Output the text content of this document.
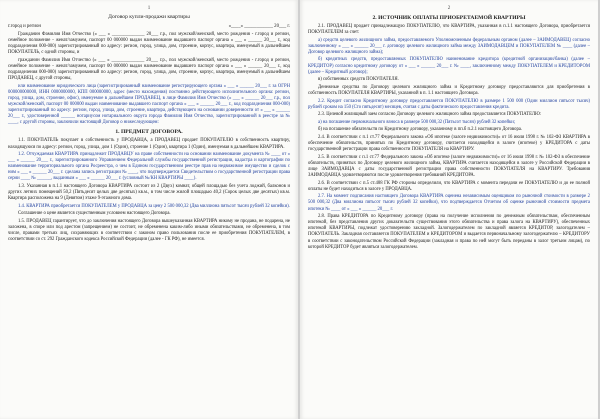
1
Договор купли-продажи квартиры
г.город и регион	«____» ____________ 20___ г.

Гражданин Фамилия Имя Отчество (« ___ » ______________ 20___ г.р., пол мужской/женский, место рождения - г.город и регион, семейное положение - женат/замужем, паспорт 00 000000 выдан наименование выдавшего паспорт органа « ___ » ______ 20___ г., код подразделения 000-000) зарегистрированный по адресу: регион, город, улица, дом, строение, корпус, квартира, именуемый в дальнейшем ПОКУПАТЕЛЬ, с одной стороны, и

гражданин Фамилия Имя Отчество (« ___ » ______________ 20___ г.р., пол мужской/женский, место рождения - г.город и регион, семейное положение - женат/замужем, паспорт 00 000000 выдан наименование выдавшего паспорт органа « ___ » ______ 20___ г., код подразделения 000-000) зарегистрированный по адресу: регион, город, улица, дом, строение, корпус, квартира, именуемый в дальнейшем ПРОДАВЕЦ, с другой стороны,

или наименование юридического лица (зарегистрированный наименование регистрирующего органа « ___ » ______ 20___ г. за ОГРН 000000000000, ИНН 0000000000, КПП 000000000, адрес (место нахождения) постоянно действующего исполнительного органа: регион, город, улица, дом, строение, офис), именуемое в дальнейшем ПРОДАВЕЦ, в лице Фамилия Имя Отчество (« ___ » ______ 20___ г.р., пол мужской/женский, паспорт 00 000000 выдан наименование выдавшего паспорт органа « ___ » ______ 20___ г., код подразделения 000-000) зарегистрированный по адресу: регион, город, улица, дом, строение, квартира, действующего на основании доверенности от « ___ » ______ 20___ г., удостоверенной ______ нотариусом нотариального округа города Фамилия Имя Отчество, зарегистрированной в реестре за № ____, с другой стороны, заключили настоящий Договор о нижеследующем:

1. ПРЕДМЕТ ДОГОВОРА.

1.1. ПОКУПАТЕЛЬ покупает в собственность у ПРОДАВЦА, а ПРОДАВЕЦ продает ПОКУПАТЕЛЮ в собственность квартиру, находящуюся по адресу: регион, город, улица, дом 1 (Один), строение 1 (Один), квартира 1 (Один), именуемая в дальнейшем КВАРТИРА.

1.2. Отчуждаемая КВАРТИРА принадлежит ПРОДАВЦУ на праве собственности на основании наименование документа № ____ от « ___ » ______ 20___ г., зарегистрированного Управлением Федеральной службы государственной регистрации, кадастра и картографии по наименование территориального органа Росреестра, о чем в Едином государственном реестре прав на недвижимое имущество и сделок с ним « ___ » ______ 20___ г. сделана запись регистрации № ____, что подтверждается Свидетельством о государственной регистрации права серии ____ № ______, выданным « ___ » ______ 20___ г. (условный №/КН КВАРТИРЫ ____).

1.3. Указанная в п.1.1 настоящего Договора КВАРТИРА состоит из 2 (Двух) комнат, общей площадью без учета лоджий, балконов и других летних помещений 50,2 (Пятьдесят целых две десятых) кв.м., в том числе жилой площадью 40,2 (Сорок целых две десятых) кв.м. Квартира расположена на 9 (Девятом) этаже 9-этажного дома.

1.4. КВАРТИРА приобретается ПОКУПАТЕЛЕМ у ПРОДАВЦА за цену 2 500 000,32 (Два миллиона пятьсот тысяч рублей 32 копейки).

Соглашение о цене является существенным условием настоящего Договора.

1.5. ПРОДАВЕЦ гарантирует, что до заключения настоящего Договора вышеуказанная КВАРТИРА никому не продана, не подарена, не заложена, в споре или под арестом (запрещением) не состоит, не обременена каким-либо иными обязательствами, не обременена, в том числе, правами третьих лиц, сохраняющих в соответствии с законом право пользования после ее приобретения ПОКУПАТЕЛЕМ, в соответствии со ст. 292 Гражданского кодекса Российской Федерации (далее - ГК РФ), не имеется.

2
2. ИСТОЧНИК ОПЛАТЫ ПРИОБРЕТАЕМОЙ КВАРТИРЫ

2.1. ПРОДАВЕЦ продает принадлежащую ПОКУПАТЕЛЮ, что КВАРТИРА, указанная в п.1.1 настоящего Договора, приобретается ПОКУПАТЕЛЕМ за счет:

а) средств целевого жилищного займа, предоставляемого Уполномоченным федеральным органом (далее – ЗАИМОДАВЕЦ) согласно заключенному « ___ » ______ 20___ г. договору целевого жилищного займа между ЗАИМОДАВЦЕМ и ПОКУПАТЕЛЕМ № ____ (далее – Договор целевого жилищного займа);

б) кредитных средств, предоставляемых ПОКУПАТЕЛЮ наименование кредитора (кредитной организации/банка) (далее – КРЕДИТОР) согласно кредитному договору от « ___ » ______ 20___ г. № ____, заключенному между ПОКУПАТЕЛЕМ и КРЕДИТОРОМ (далее – Кредитный договор);

в) собственных средств ПОКУПАТЕЛЯ.

Денежные средства по Договору целевого жилищного займа и Кредитному договору предоставляются для приобретения в собственность ПОКУПАТЕЛЯ КВАРТИРЫ, указанной в п. 1.1 настоящего Договора.

2.2. Кредит согласно Кредитному договору предоставляется ПОКУПАТЕЛЮ в размере 1 500 000 (Один миллион пятьсот тысяч) рублей сроком на 150 (Сто пятьдесят) месяцев, считая с даты фактического предоставления кредита.

2.3. Целевой жилищный заем согласно Договору целевого жилищного займа предоставляется ПОКУПАТЕЛЮ:

а) на погашение первоначального взноса в размере 500 000,32 (Пятьсот тысяч) рублей 32 копейки;

б) на погашение обязательств по Кредитному договору, указанному в пп.б п.2.1 настоящего Договора.

2.4. В соответствии с п.1 ст.77 Федерального закона «Об ипотеке (залоге недвижимости)» от 16 июля 1998 г. № 102-ФЗ КВАРТИРА в обеспечение обязательств, принятых по Кредитному договору, считается находящейся в залоге (ипотеке) у КРЕДИТОРА с даты государственной регистрации права собственности ПОКУПАТЕЛЯ на КВАРТИРУ.

2.5. В соответствии с п.1 ст.77 Федерального закона «Об ипотеке (залоге недвижимости)» от 16 июля 1998 г. № 102-ФЗ в обеспечение обязательств, принятых по Договору целевого жилищного займа, КВАРТИРА считается находящейся в залоге у Российской Федерации в лице ЗАИМОДАВЦА с даты государственной регистрации права собственности ПОКУПАТЕЛЯ на КВАРТИРУ. Требования ЗАИМОДАВЦА удовлетворяются после удовлетворения требований КРЕДИТОРА.

2.6. В соответствии с п.5 ст.488 ГК РФ стороны определили, что КВАРТИРА с момента передачи ее ПОКУПАТЕЛЮ и до ее полной оплаты не будет находиться в залоге у ПРОДАВЦА.

2.7. На момент подписания настоящего Договора КВАРТИРА оценена независимым оценщиком по рыночной стоимости в размере 2 500 000,32 (Два миллиона пятьсот тысяч рублей 32 копейки), что подтверждается Отчетом об оценке рыночной стоимости предмета ипотеки № ____ от « ___ » ______ 20___ г.

2.8. Права КРЕДИТОРА по Кредитному договору (права на получение исполнения по денежным обязательствам, обеспеченным ипотекой, без представления других доказательств существования этого обязательства и права залога на КВАРТИРУ), обеспеченных ипотекой КВАРТИРЫ, подлежат удостоверению закладной. Залогодержателем по закладной является КРЕДИТОР, залогодателем – ПОКУПАТЕЛЬ. Закладная составляется ПОКУПАТЕЛЕМ и КРЕДИТОРОМ и выдается первоначальному залогодержателю – КРЕДИТОРУ в соответствии с законодательством Российской Федерации (закладная и права по ней могут быть переданы в залог третьим лицам), по которой КРЕДИТОР будет являться залогодержателем.
